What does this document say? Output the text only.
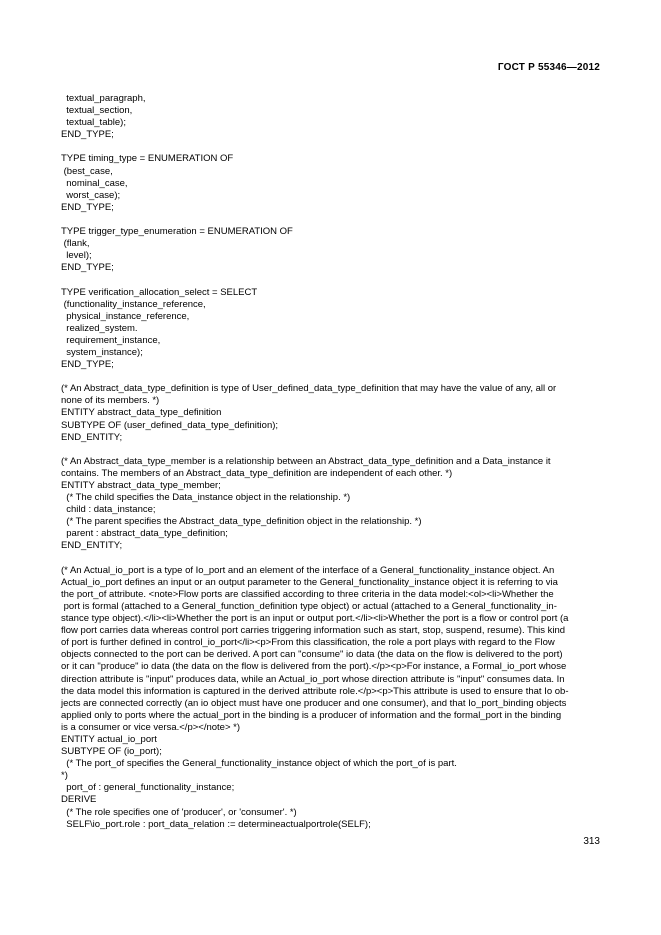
ГОСТ Р 55346—2012
textual_paragraph,
textual_section,
textual_table);
END_TYPE;
TYPE timing_type = ENUMERATION OF
(best_case,
nominal_case,
worst_case);
END_TYPE;
TYPE trigger_type_enumeration = ENUMERATION OF
(flank,
level);
END_TYPE;
TYPE verification_allocation_select = SELECT
(functionality_instance_reference,
physical_instance_reference,
realized_system.
requirement_instance,
system_instance);
END_TYPE;
(* An Abstract_data_type_definition is type of User_defined_data_type_definition that may have the value of any, all or
none of its members. *)
ENTITY abstract_data_type_definition
SUBTYPE OF (user_defined_data_type_definition);
END_ENTITY;
(* An Abstract_data_type_member is a relationship between an Abstract_data_type_definition and a Data_instance it
contains. The members of an Abstract_data_type_definition are independent of each other. *)
ENTITY abstract_data_type_member;
(* The child specifies the Data_instance object in the relationship. *)
child : data_instance;
(* The parent specifies the Abstract_data_type_definition object in the relationship. *)
parent : abstract_data_type_definition;
END_ENTITY;
(* An Actual_io_port is a type of Io_port and an element of the interface of a General_functionality_instance object. An
Actual_io_port defines an input or an output parameter to the General_functionality_instance object it is referring to via
the port_of attribute. <note>Flow ports are classified according to three criteria in the data model:<ol><li>Whether the
port is formal (attached to a General_function_definition type object) or actual (attached to a General_functionality_in-
stance type object).</li><li>Whether the port is an input or output port.</li><li>Whether the port is a flow or control port (a
flow port carries data whereas control port carries triggering information such as start, stop, suspend, resume). This kind
of port is further defined in control_io_port</li><p>From this classification, the role a port plays with regard to the Flow
objects connected to the port can be derived. A port can "consume" io data (the data on the flow is delivered to the port)
or it can "produce" io data (the data on the flow is delivered from the port).</p><p>For instance, a Formal_io_port whose
direction attribute is "input" produces data, while an Actual_io_port whose direction attribute is "input" consumes data. In
the data model this information is captured in the derived attribute role.</p><p>This attribute is used to ensure that Io ob-
jects are connected correctly (an io object must have one producer and one consumer), and that Io_port_binding objects
applied only to ports where the actual_port in the binding is a producer of information and the formal_port in the binding
is a consumer or vice versa.</p></note> *)
ENTITY actual_io_port
SUBTYPE OF (io_port);
(* The port_of specifies the General_functionality_instance object of which the port_of is part.
*)
port_of : general_functionality_instance;
DERIVE
(* The role specifies one of 'producer', or 'consumer'. *)
SELF\io_port.role : port_data_relation := determineactualportrole(SELF);
313
